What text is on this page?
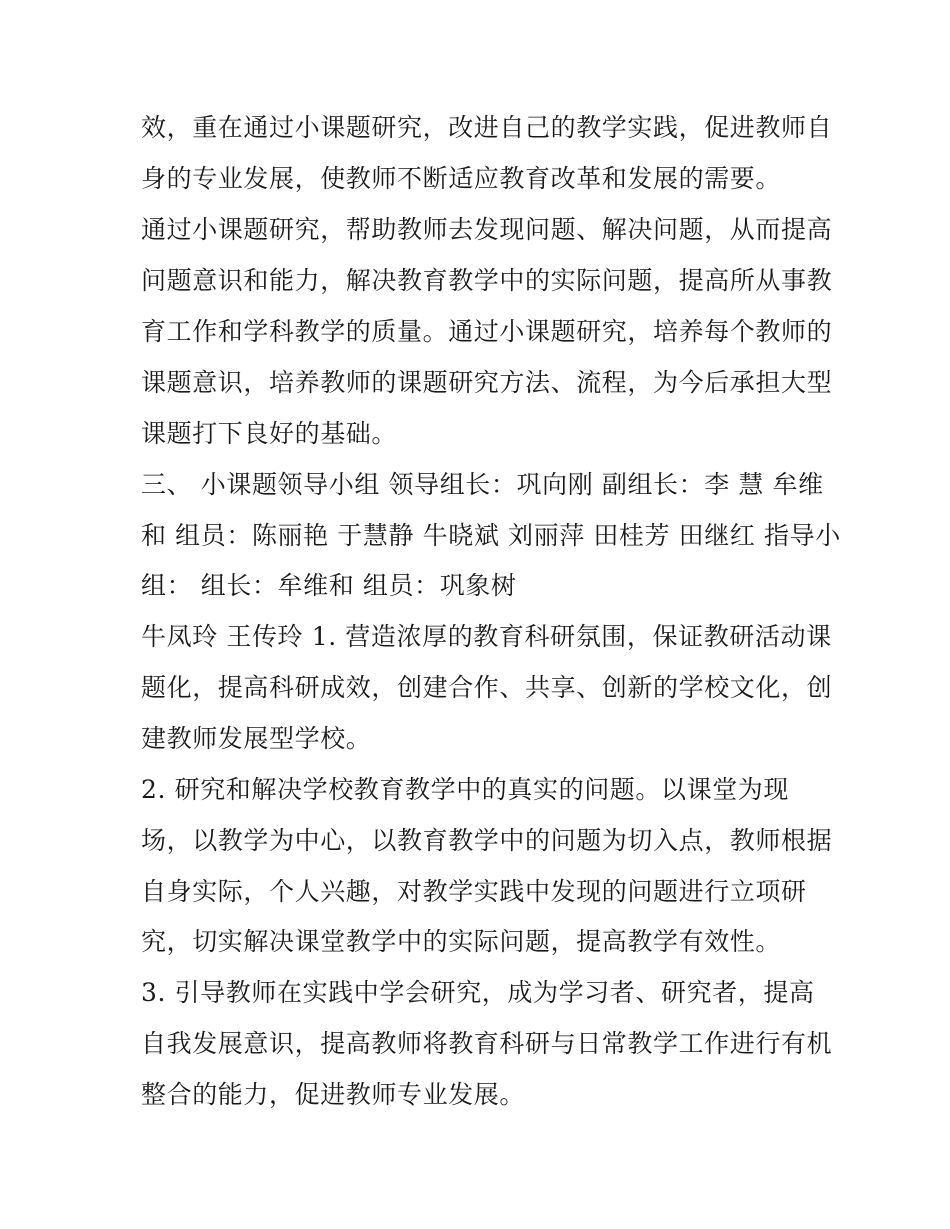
效，重在通过小课题研究，改进自己的教学实践，促进教师自
身的专业发展，使教师不断适应教育改革和发展的需要。
通过小课题研究，帮助教师去发现问题、解决问题，从而提高
问题意识和能力，解决教育教学中的实际问题，提高所从事教
育工作和学科教学的质量。通过小课题研究，培养每个教师的
课题意识，培养教师的课题研究方法、流程，为今后承担大型
课题打下良好的基础。
三、 小课题领导小组 领导组长：巩向刚 副组长：李 慧 牟维
和 组员：陈丽艳 于慧静 牛晓斌 刘丽萍 田桂芳 田继红 指导小
组： 组长：牟维和 组员：巩象树
牛凤玲 王传玲 1. 营造浓厚的教育科研氛围，保证教研活动课
题化，提高科研成效，创建合作、共享、创新的学校文化，创
建教师发展型学校。
2. 研究和解决学校教育教学中的真实的问题。以课堂为现
场，以教学为中心，以教育教学中的问题为切入点，教师根据
自身实际，个人兴趣，对教学实践中发现的问题进行立项研
究，切实解决课堂教学中的实际问题，提高教学有效性。
3. 引导教师在实践中学会研究，成为学习者、研究者，提高
自我发展意识，提高教师将教育科研与日常教学工作进行有机
整合的能力，促进教师专业发展。
